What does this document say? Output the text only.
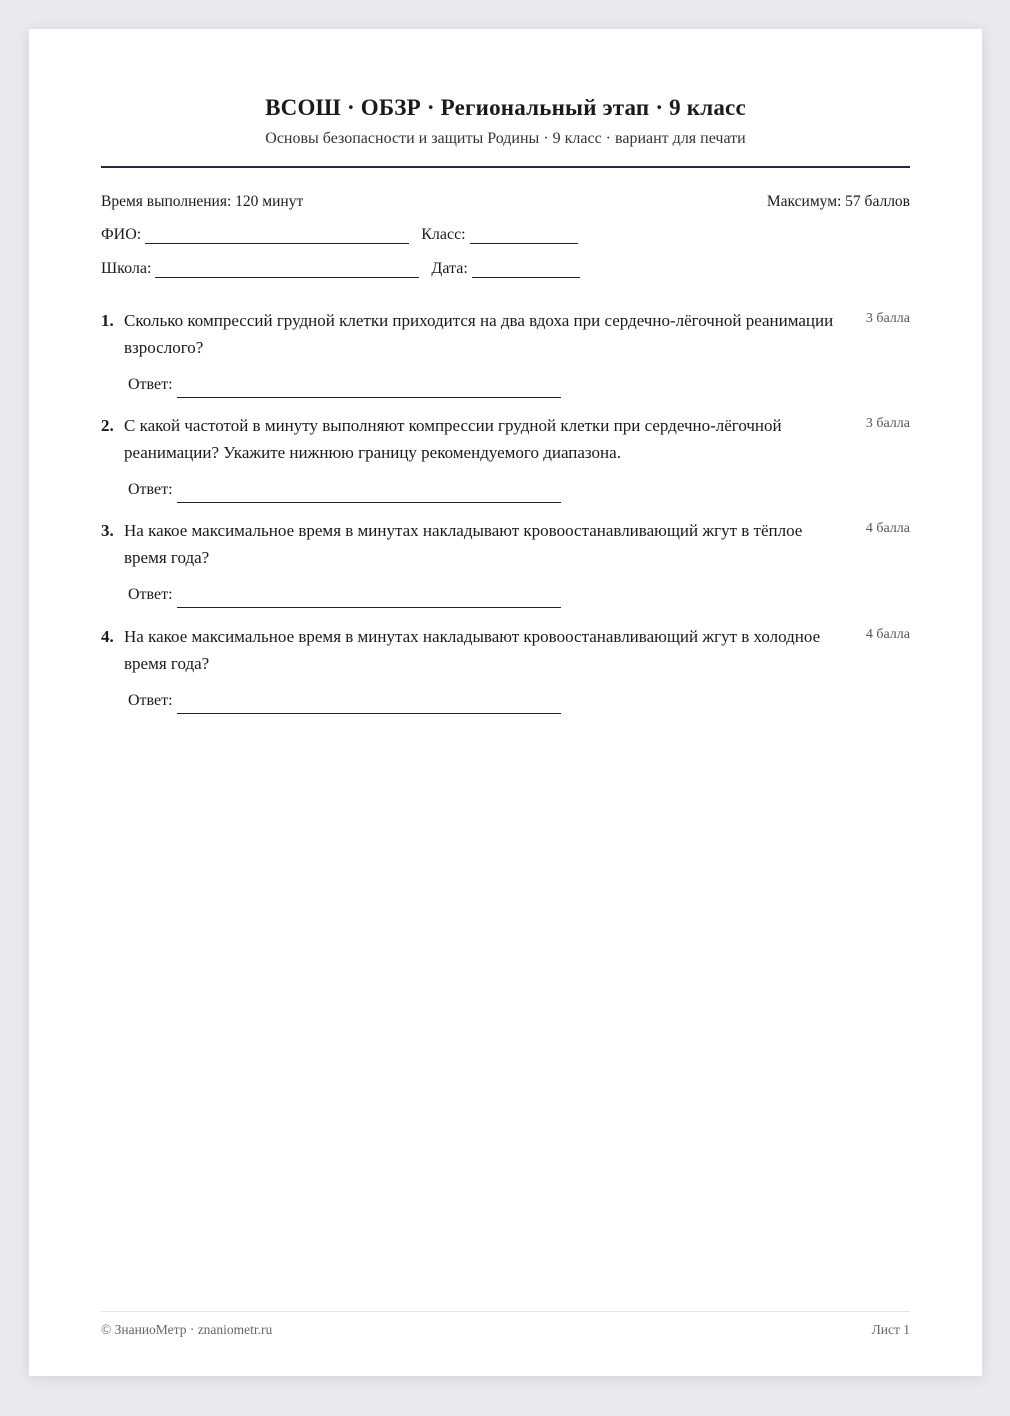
ВСОШ · ОБЗР · Региональный этап · 9 класс
Основы безопасности и защиты Родины · 9 класс · вариант для печати
Время выполнения: 120 минут	Максимум: 57 баллов
ФИО:	Класс:
Школа:	Дата:
1. Сколько компрессий грудной клетки приходится на два вдоха при сердечно-лёгочной реанимации взрослого?
3 балла
Ответ:
2. С какой частотой в минуту выполняют компрессии грудной клетки при сердечно-лёгочной реанимации? Укажите нижнюю границу рекомендуемого диапазона.
3 балла
Ответ:
3. На какое максимальное время в минутах накладывают кровоостанавливающий жгут в тёплое время года?
4 балла
Ответ:
4. На какое максимальное время в минутах накладывают кровоостанавливающий жгут в холодное время года?
4 балла
Ответ:
© ЗнаниоМетр · znaniometr.ru	Лист 1
